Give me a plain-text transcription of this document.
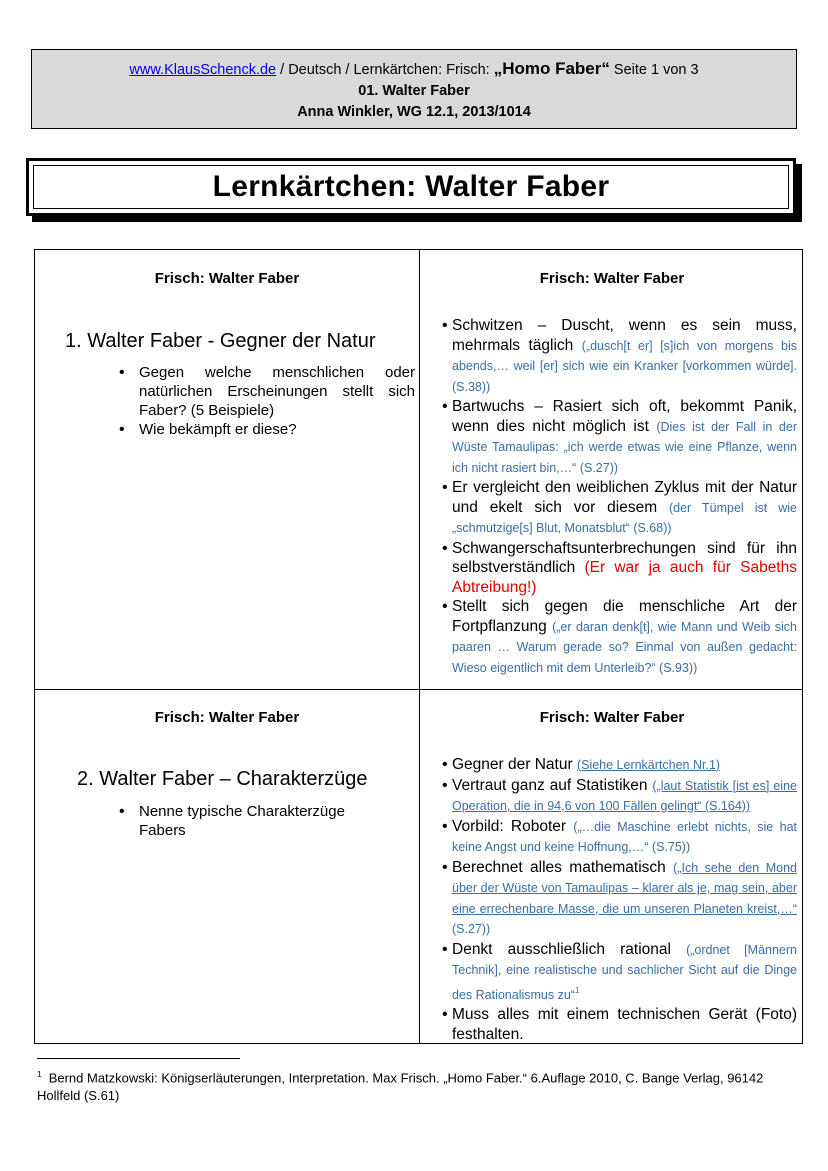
www.KlausSchenck.de / Deutsch / Lernkärtchen: Frisch: „Homo Faber“ Seite 1 von 3
01. Walter Faber
Anna Winkler, WG 12.1, 2013/1014
Lernkärtchen: Walter Faber
Frisch: Walter Faber
1. Walter Faber - Gegner der Natur
• Gegen welche menschlichen oder natürlichen Erscheinungen stellt sich Faber? (5 Beispiele)
• Wie bekämpft er diese?
Frisch: Walter Faber
• Schwitzen – Duscht, wenn es sein muss, mehrmals täglich („dusch[t er] [s]ich von morgens bis abends,… weil [er] sich wie ein Kranker [vorkommen würde]. (S.38))
• Bartwuchs – Rasiert sich oft, bekommt Panik, wenn dies nicht möglich ist (Dies ist der Fall in der Wüste Tamaulipas: „ich werde etwas wie eine Pflanze, wenn ich nicht rasiert bin,…“ (S.27))
• Er vergleicht den weiblichen Zyklus mit der Natur und ekelt sich vor diesem (der Tümpel ist wie „schmutzige[s] Blut, Monatsblut“ (S.68))
• Schwangerschaftsunterbrechungen sind für ihn selbstverständlich (Er war ja auch für Sabeths Abtreibung!)
• Stellt sich gegen die menschliche Art der Fortpflanzung („er daran denk[t], wie Mann und Weib sich paaren … Warum gerade so? Einmal von außen gedacht: Wieso eigentlich mit dem Unterleib?“ (S.93))
Frisch: Walter Faber
2. Walter Faber – Charakterzüge
• Nenne typische Charakterzüge Fabers
Frisch: Walter Faber
• Gegner der Natur (Siehe Lernkärtchen Nr.1)
• Vertraut ganz auf Statistiken („laut Statistik [ist es] eine Operation, die in 94,6 von 100 Fällen gelingt“ (S.164))
• Vorbild: Roboter („…die Maschine erlebt nichts, sie hat keine Angst und keine Hoffnung,…“ (S.75))
• Berechnet alles mathematisch („Ich sehe den Mond über der Wüste von Tamaulipas – klarer als je, mag sein, aber eine errechenbare Masse, die um unseren Planeten kreist,…“ (S.27))
• Denkt ausschließlich rational („ordnet [Männern Technik], eine realistische und sachlicher Sicht auf die Dinge des Rationalismus zu“$^1$
• Muss alles mit einem technischen Gerät (Foto) festhalten.
$^1$ Bernd Matzkowski: Königserläuterungen, Interpretation. Max Frisch. „Homo Faber.“ 6.Auflage 2010, C. Bange Verlag, 96142 Hollfeld (S.61)
